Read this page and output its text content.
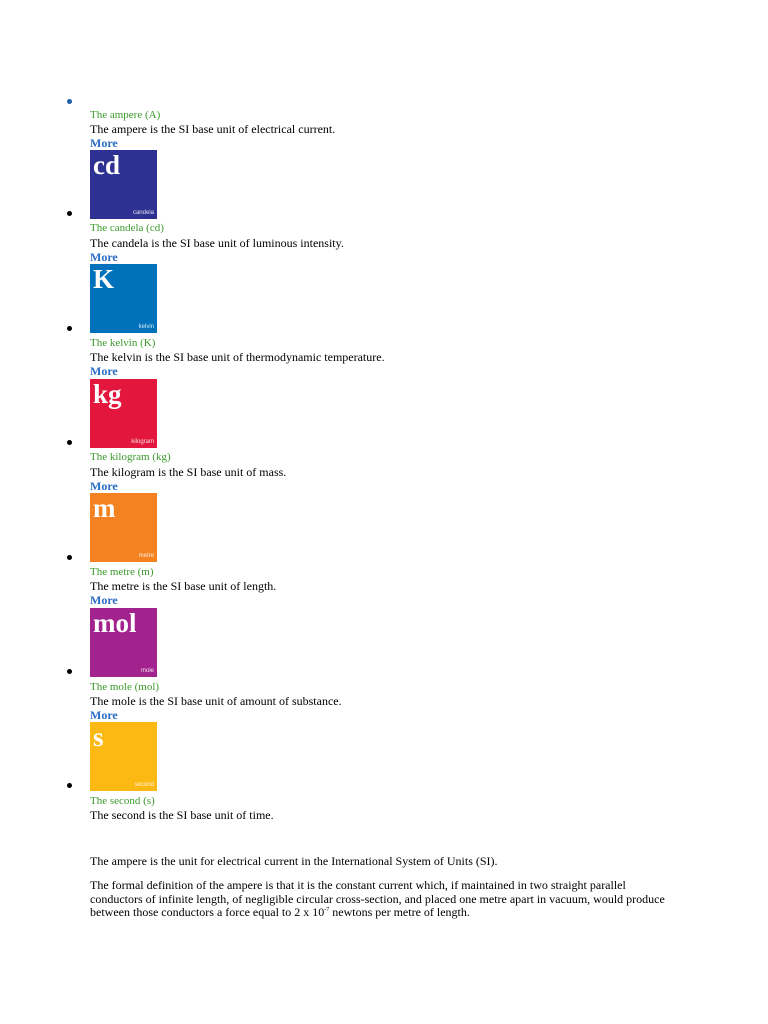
The ampere (A)
The ampere is the SI base unit of electrical current.
More
cd
candela
The candela (cd)
The candela is the SI base unit of luminous intensity.
More
K
kelvin
The kelvin (K)
The kelvin is the SI base unit of thermodynamic temperature.
More
kg
kilogram
The kilogram (kg)
The kilogram is the SI base unit of mass.
More
m
metre
The metre (m)
The metre is the SI base unit of length.
More
mol
mole
The mole (mol)
The mole is the SI base unit of amount of substance.
More
s
second
The second (s)
The second is the SI base unit of time.

The ampere is the unit for electrical current in the International System of Units (SI).

The formal definition of the ampere is that it is the constant current which, if maintained in two straight parallel conductors of infinite length, of negligible circular cross-section, and placed one metre apart in vacuum, would produce between those conductors a force equal to 2 x $10^{-7}$ newtons per metre of length.
